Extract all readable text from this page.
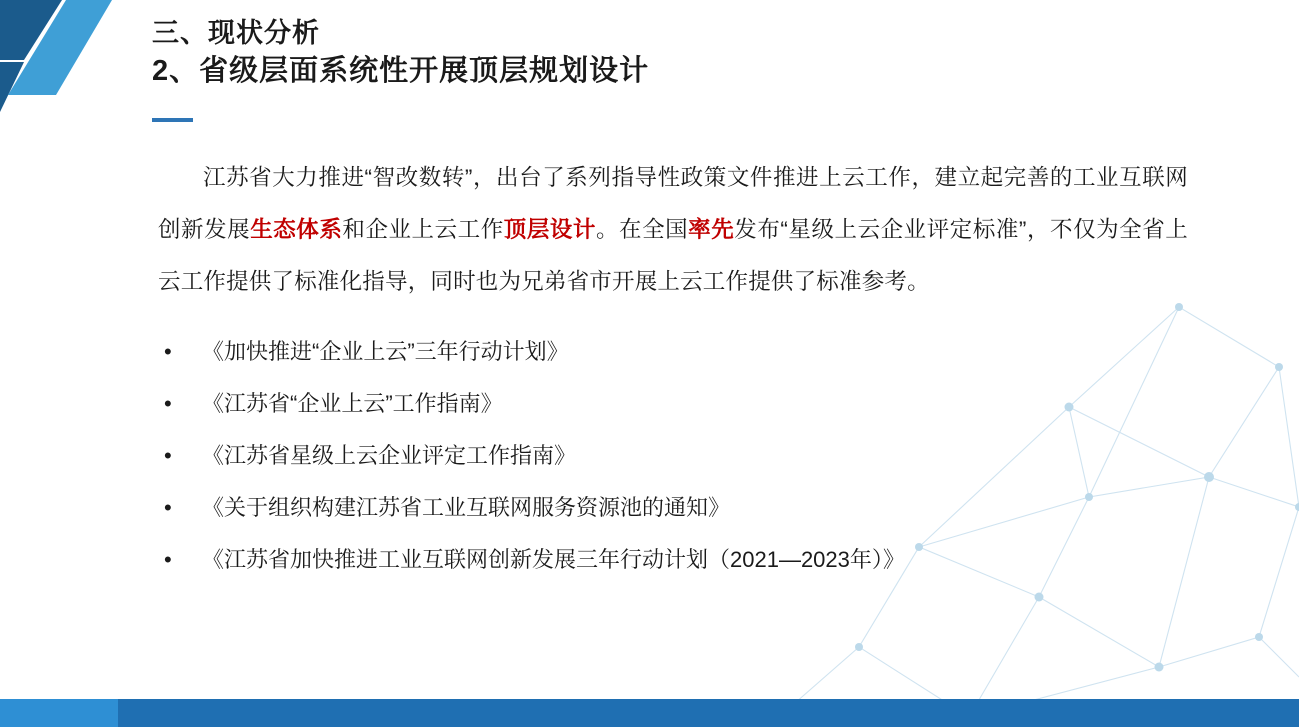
三、现状分析
2、省级层面系统性开展顶层规划设计

江苏省大力推进“智改数转”，出台了系列指导性政策文件推进上云工作，建立起完善的工业互联网创新发展生态体系和企业上云工作顶层设计。在全国率先发布“星级上云企业评定标准”，不仅为全省上云工作提供了标准化指导，同时也为兄弟省市开展上云工作提供了标准参考。

• 《加快推进“企业上云”三年行动计划》
• 《江苏省“企业上云”工作指南》
• 《江苏省星级上云企业评定工作指南》
• 《关于组织构建江苏省工业互联网服务资源池的通知》
• 《江苏省加快推进工业互联网创新发展三年行动计划（2021—2023年）》
